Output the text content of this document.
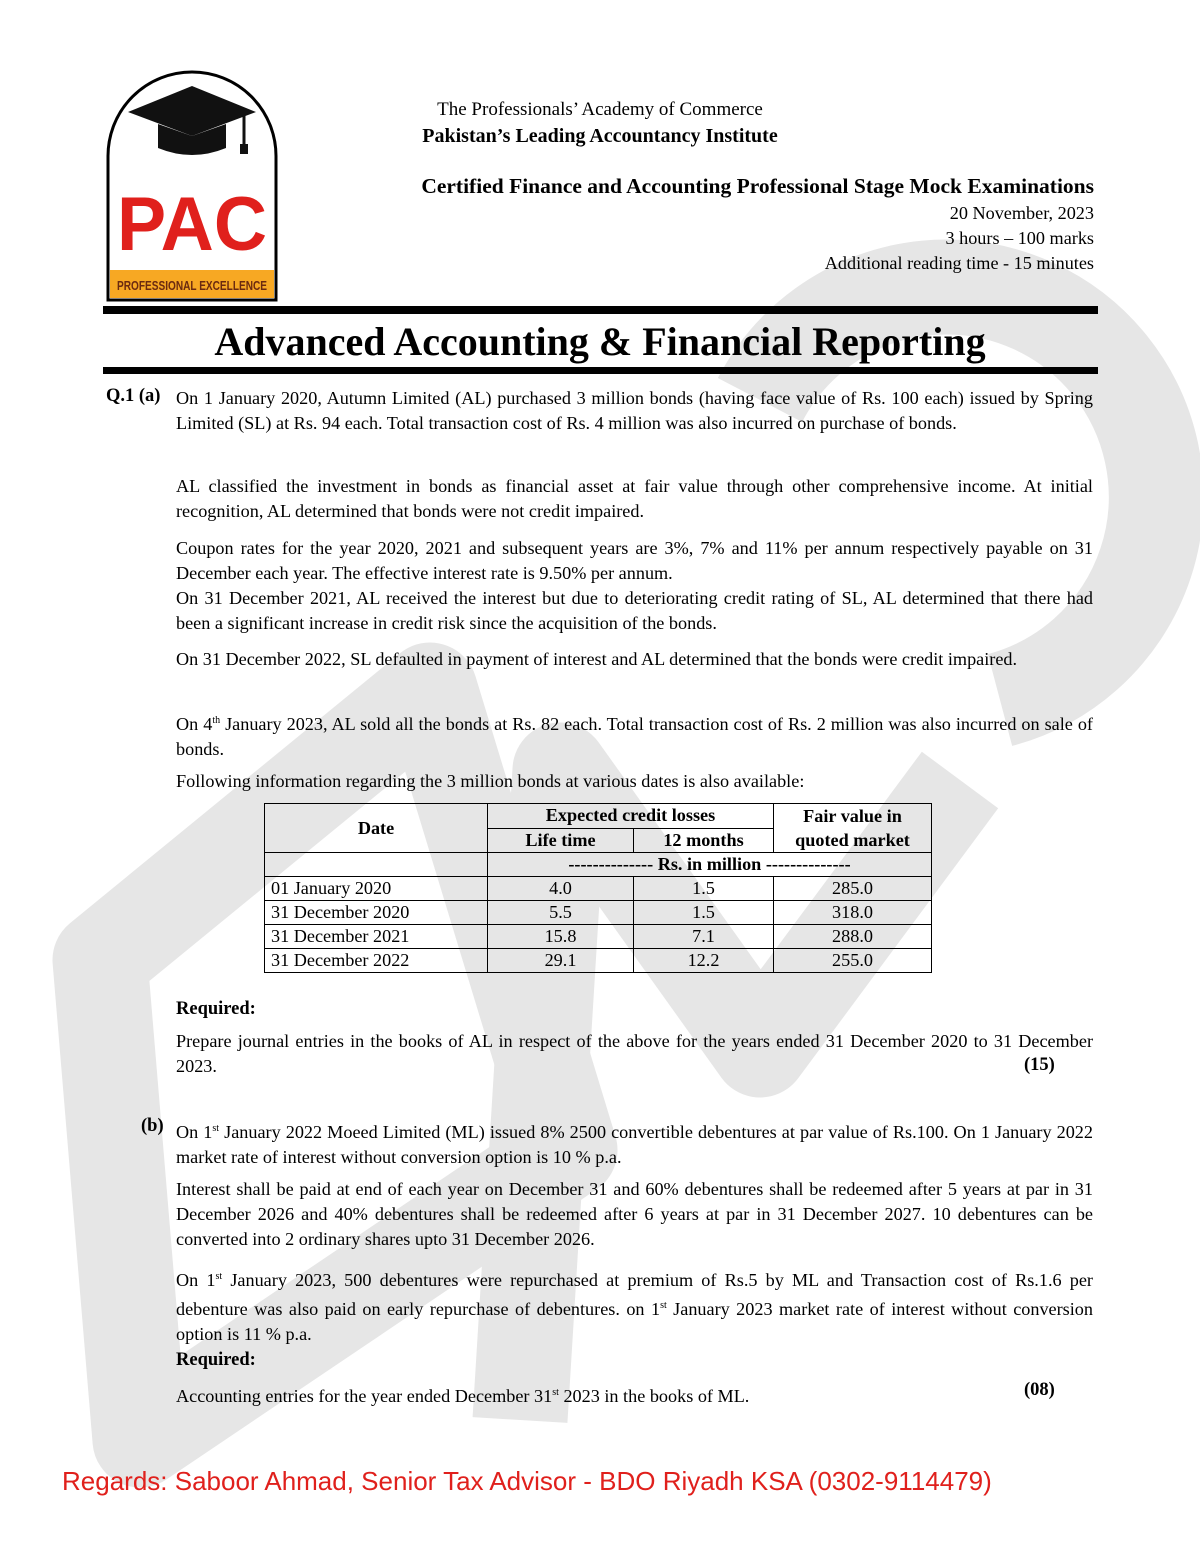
PAC
PROFESSIONAL EXCELLENCE
The Professionals’ Academy of Commerce
Pakistan’s Leading Accountancy Institute
Certified Finance and Accounting Professional Stage Mock Examinations
20 November, 2023
3 hours – 100 marks
Additional reading time - 15 minutes
Advanced Accounting & Financial Reporting
Q.1 (a) On 1 January 2020, Autumn Limited (AL) purchased 3 million bonds (having face value of Rs. 100 each) issued by Spring Limited (SL) at Rs. 94 each. Total transaction cost of Rs. 4 million was also incurred on purchase of bonds.
AL classified the investment in bonds as financial asset at fair value through other comprehensive income. At initial recognition, AL determined that bonds were not credit impaired.
Coupon rates for the year 2020, 2021 and subsequent years are 3%, 7% and 11% per annum respectively payable on 31 December each year. The effective interest rate is 9.50% per annum.
On 31 December 2021, AL received the interest but due to deteriorating credit rating of SL, AL determined that there had been a significant increase in credit risk since the acquisition of the bonds.
On 31 December 2022, SL defaulted in payment of interest and AL determined that the bonds were credit impaired.
On 4th January 2023, AL sold all the bonds at Rs. 82 each. Total transaction cost of Rs. 2 million was also incurred on sale of bonds.
Following information regarding the 3 million bonds at various dates is also available:
Date	Expected credit losses		Fair value in quoted market
	Life time	12 months	
	-------------- Rs. in million --------------		
01 January 2020	4.0	1.5	285.0
31 December 2020	5.5	1.5	318.0
31 December 2021	15.8	7.1	288.0
31 December 2022	29.1	12.2	255.0
Required:
Prepare journal entries in the books of AL in respect of the above for the years ended 31 December 2020 to 31 December 2023.	(15)
(b) On 1st January 2022 Moeed Limited (ML) issued 8% 2500 convertible debentures at par value of Rs.100. On 1 January 2022 market rate of interest without conversion option is 10 % p.a.
Interest shall be paid at end of each year on December 31 and 60% debentures shall be redeemed after 5 years at par in 31 December 2026 and 40% debentures shall be redeemed after 6 years at par in 31 December 2027. 10 debentures can be converted into 2 ordinary shares upto 31 December 2026.
On 1st January 2023, 500 debentures were repurchased at premium of Rs.5 by ML and Transaction cost of Rs.1.6 per debenture was also paid on early repurchase of debentures. on 1st January 2023 market rate of interest without conversion option is 11 % p.a.
Required:
Accounting entries for the year ended December 31st 2023 in the books of ML.	(08)
Regards: Saboor Ahmad, Senior Tax Advisor - BDO Riyadh KSA (0302-9114479)
